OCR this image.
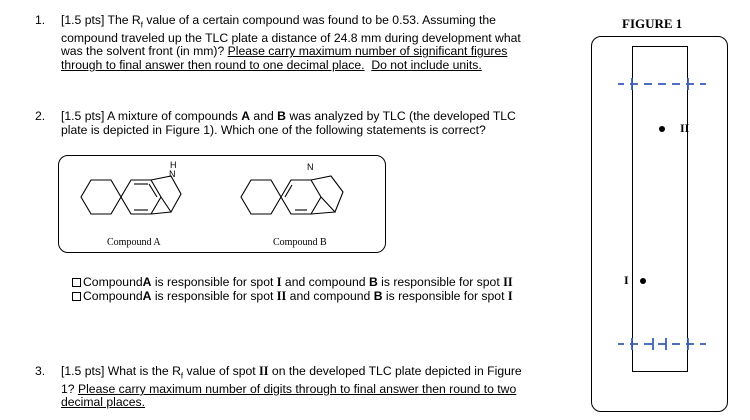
1. [1.5 pts] The $R_f$ value of a certain compound was found to be 0.53. Assuming the
compound traveled up the TLC plate a distance of 24.8 mm during development what
was the solvent front (in mm)? Please carry maximum number of significant figures
through to final answer then round to one decimal place. Do not include units.
2. [1.5 pts] A mixture of compounds A and B was analyzed by TLC (the developed TLC
plate is depicted in Figure 1). Which one of the following statements is correct?
H
N
N
Compound A	Compound B
Compound A
is responsible for spot
I
and compound
B
is responsible for spot
II
Compound A
is responsible for spot
II
and compound
B
is responsible for spot
I
3. [1.5 pts] What is the $R_f$ value of spot II on the developed TLC plate depicted in Figure
1? Please carry maximum number of digits through to final answer then round to two
decimal places.
FIGURE 1
II
I
